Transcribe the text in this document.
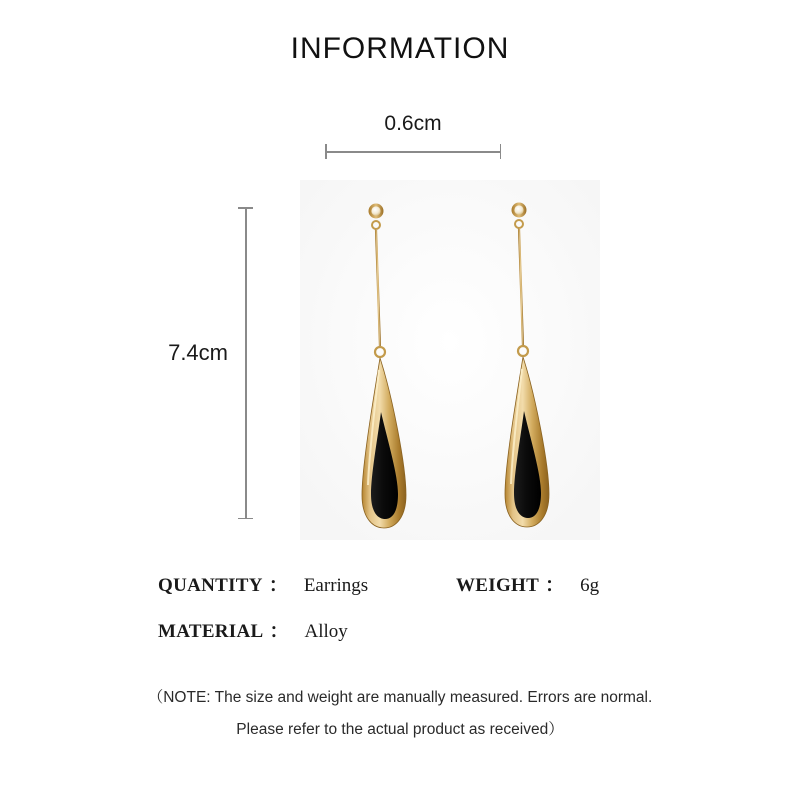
INFORMATION
0.6cm
7.4cm
QUANTITY ： Earrings	WEIGHT ： 6g
MATERIAL ： Alloy
（NOTE: The size and weight are manually measured. Errors are normal.
Please refer to the actual product as received）
